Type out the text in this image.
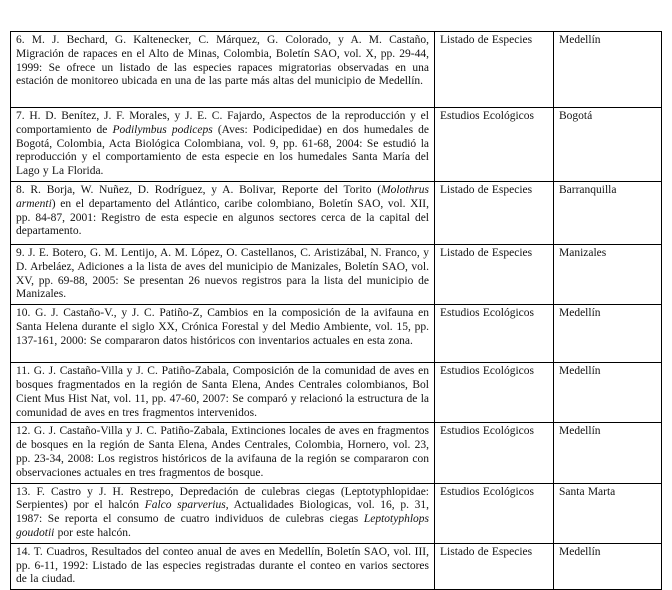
6. M. J. Bechard, G. Kaltenecker, C. Márquez, G. Colorado, y A. M. Castaño, Migración de rapaces en el Alto de Minas, Colombia, Boletín SAO, vol. X, pp. 29-44, 1999: Se ofrece un listado de las especies rapaces migratorias observadas en una estación de monitoreo ubicada en una de las parte más altas del municipio de Medellín.	Listado de Especies	Medellín
7. H. D. Benítez, J. F. Morales, y J. E. C. Fajardo, Aspectos de la reproducción y el comportamiento de Podilymbus podiceps (Aves: Podicipedidae) en dos humedales de Bogotá, Colombia, Acta Biológica Colombiana, vol. 9, pp. 61-68, 2004: Se estudió la reproducción y el comportamiento de esta especie en los humedales Santa María del Lago y La Florida.	Estudios Ecológicos	Bogotá
8. R. Borja, W. Nuñez, D. Rodríguez, y A. Bolivar, Reporte del Torito (Molothrus armenti) en el departamento del Atlántico, caribe colombiano, Boletín SAO, vol. XII, pp. 84-87, 2001: Registro de esta especie en algunos sectores cerca de la capital del departamento.	Listado de Especies	Barranquilla
9. J. E. Botero, G. M. Lentijo, A. M. López, O. Castellanos, C. Aristizábal, N. Franco, y D. Arbeláez, Adiciones a la lista de aves del municipio de Manizales, Boletín SAO, vol. XV, pp. 69-88, 2005: Se presentan 26 nuevos registros para la lista del municipio de Manizales.	Listado de Especies	Manizales
10. G. J. Castaño-V., y J. C. Patiño-Z, Cambios en la composición de la avifauna en Santa Helena durante el siglo XX, Crónica Forestal y del Medio Ambiente, vol. 15, pp. 137-161, 2000: Se compararon datos históricos con inventarios actuales en esta zona.	Estudios Ecológicos	Medellín
11. G. J. Castaño-Villa y J. C. Patiño-Zabala, Composición de la comunidad de aves en bosques fragmentados en la región de Santa Elena, Andes Centrales colombianos, Bol Cient Mus Hist Nat, vol. 11, pp. 47-60, 2007: Se comparó y relacionó la estructura de la comunidad de aves en tres fragmentos intervenidos.	Estudios Ecológicos	Medellín
12. G. J. Castaño-Villa y J. C. Patiño-Zabala, Extinciones locales de aves en fragmentos de bosques en la región de Santa Elena, Andes Centrales, Colombia, Hornero, vol. 23, pp. 23-34, 2008: Los registros históricos de la avifauna de la región se compararon con observaciones actuales en tres fragmentos de bosque.	Estudios Ecológicos	Medellín
13. F. Castro y J. H. Restrepo, Depredación de culebras ciegas (Leptotyphlopidae: Serpientes) por el halcón Falco sparverius, Actualidades Biologicas, vol. 16, p. 31, 1987: Se reporta el consumo de cuatro individuos de culebras ciegas Leptotyphlops goudotii por este halcón.	Estudios Ecológicos	Santa Marta
14. T. Cuadros, Resultados del conteo anual de aves en Medellín, Boletín SAO, vol. III, pp. 6-11, 1992: Listado de las especies registradas durante el conteo en varios sectores de la ciudad.	Listado de Especies	Medellín
